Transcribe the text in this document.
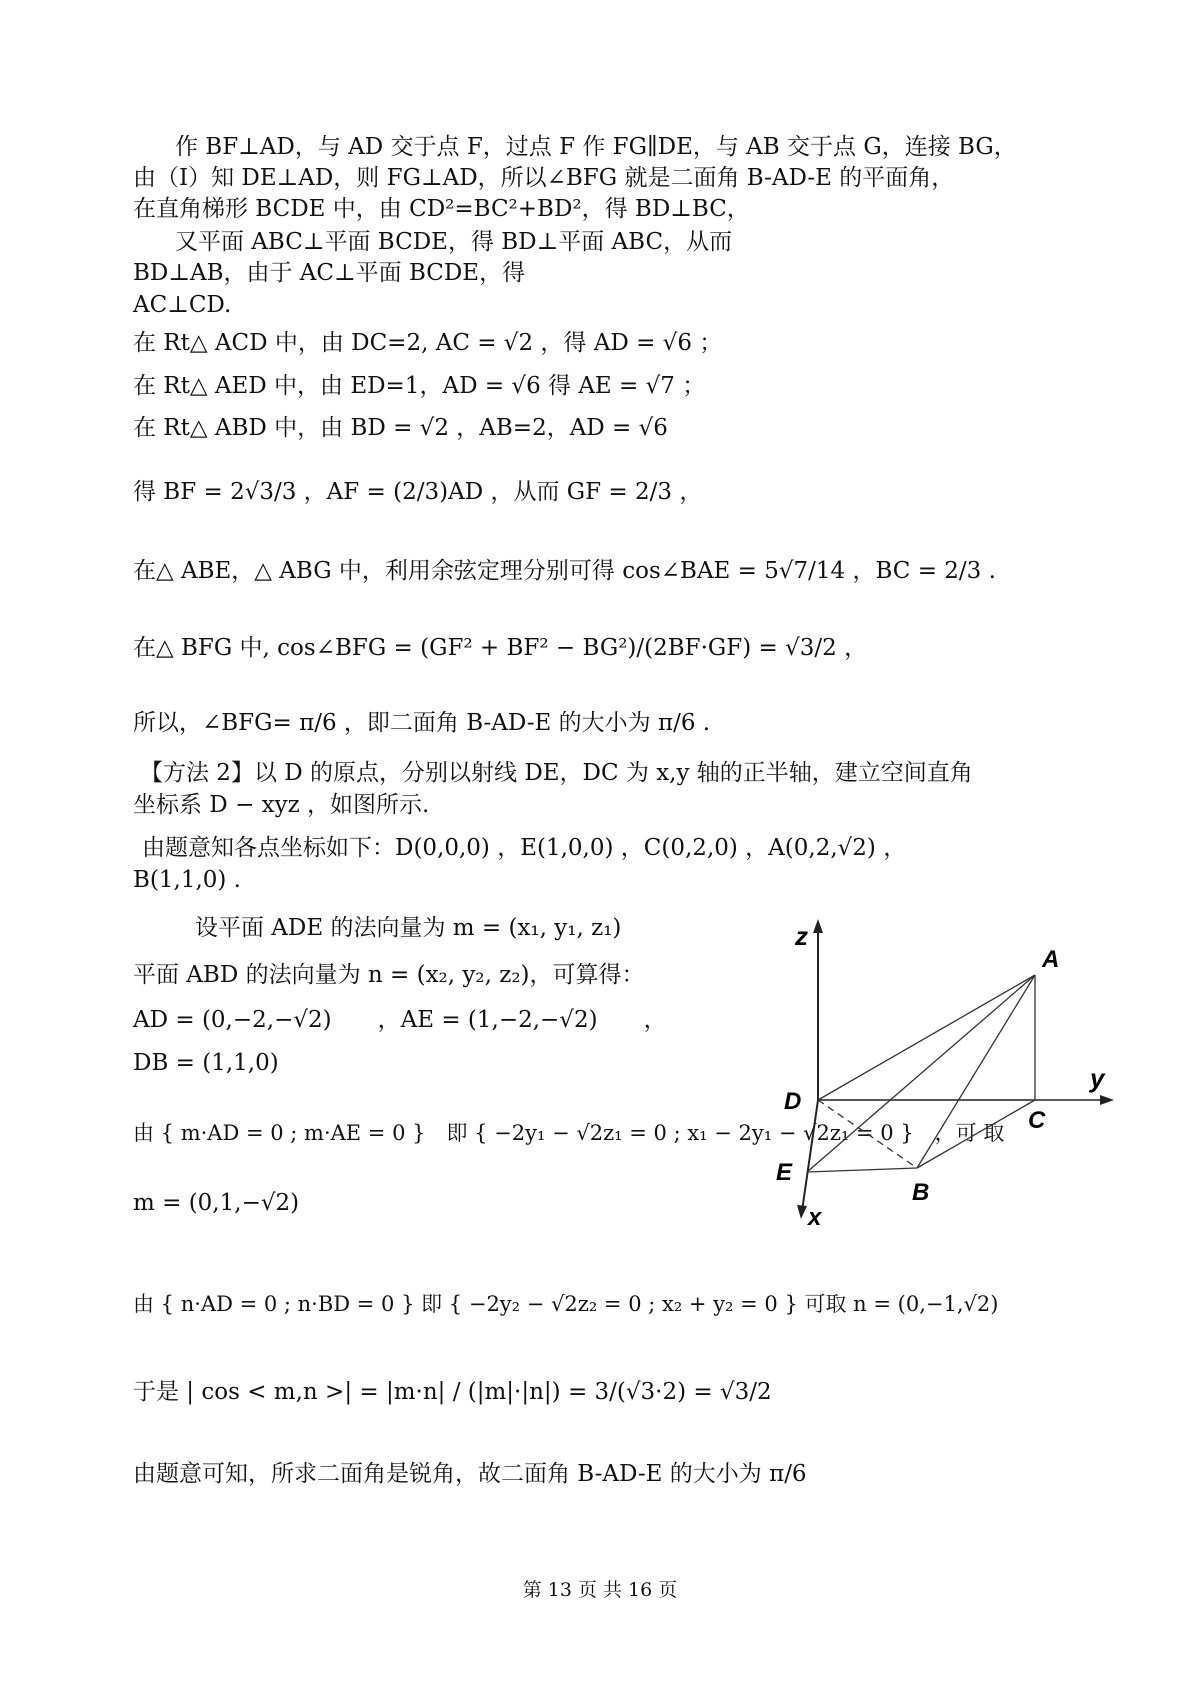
作 BF⊥AD，与 AD 交于点 F，过点 F 作 FG∥DE，与 AB 交于点 G，连接 BG，
由（Ⅰ）知 DE⊥AD，则 FG⊥AD，所以∠BFG 就是二面角 B-AD-E 的平面角，
在直角梯形 BCDE 中，由 CD²=BC²+BD²，得 BD⊥BC，
又平面 ABC⊥平面 BCDE，得 BD⊥平面 ABC，从而
BD⊥AB，由于 AC⊥平面 BCDE，得
AC⊥CD.
在 Rt△ ACD 中，由 DC=2, AC = √2 ，得 AD = √6 ；
在 Rt△ AED 中，由 ED=1，AD = √6 得 AE = √7 ；
在 Rt△ ABD 中，由 BD = √2 ，AB=2，AD = √6
得 BF = 2√3/3 ，AF = (2/3)AD ，从而 GF = 2/3 ，
在△ ABE，△ ABG 中，利用余弦定理分别可得 cos∠BAE = 5√7/14 ，BC = 2/3 .
在△ BFG 中, cos∠BFG = (GF² + BF² − BG²)/(2BF·GF) = √3/2 ，
所以，∠BFG= π/6 ，即二面角 B-AD-E 的大小为 π/6 .
【方法 2】以 D 的原点，分别以射线 DE，DC 为 x,y 轴的正半轴，建立空间直角
坐标系 D − xyz ，如图所示.
由题意知各点坐标如下：D(0,0,0) ，E(1,0,0) ，C(0,2,0) ，A(0,2,√2) ，
B(1,1,0) .
设平面 ADE 的法向量为 m = (x₁, y₁, z₁)
平面 ABD 的法向量为 n = (x₂, y₂, z₂)，可算得：
AD = (0,−2,−√2)　　，AE = (1,−2,−√2)　　，
DB = (1,1,0)
由 { m·AD = 0 ; m·AE = 0 }　即 { −2y₁ − √2z₁ = 0 ; x₁ − 2y₁ − √2z₁ = 0 }　，可 取
m = (0,1,−√2)
由 { n·AD = 0 ; n·BD = 0 } 即 { −2y₂ − √2z₂ = 0 ; x₂ + y₂ = 0 } 可取 n = (0,−1,√2)
于是 | cos < m,n >| = |m·n| / (|m|·|n|) = 3/(√3·2) = √3/2
由题意可知，所求二面角是锐角，故二面角 B-AD-E 的大小为 π/6
z
A
y
D
C
E
B
x
第 13 页 共 16 页
